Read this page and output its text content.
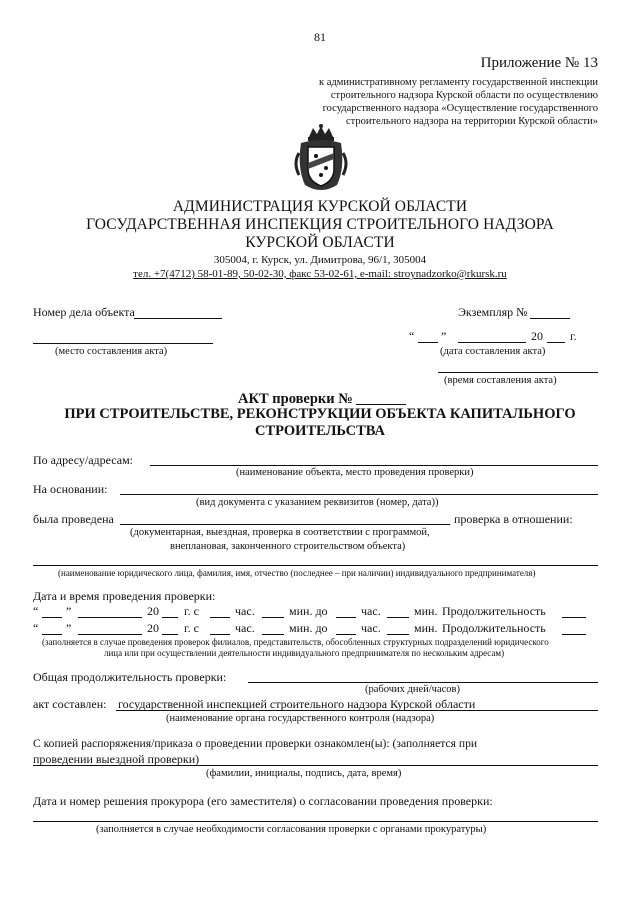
81
Приложение № 13
к административному регламенту государственной инспекции
строительного надзора Курской области по осуществлению
государственного надзора «Осуществление государственного
строительного надзора на территории Курской области»
АДМИНИСТРАЦИЯ КУРСКОЙ ОБЛАСТИ
ГОСУДАРСТВЕННАЯ ИНСПЕКЦИЯ СТРОИТЕЛЬНОГО НАДЗОРА
КУРСКОЙ ОБЛАСТИ
305004, г. Курск, ул. Димитрова, 96/1, 305004
тел. +7(4712) 58-01-89, 50-02-30, факс 53-02-61, e-mail: stroynadzorko@rkursk.ru
Номер дела объекта	Экземпляр №
“ ”	20 г.
(место составления акта)	(дата составления акта)
(время составления акта)
АКТ проверки №
ПРИ СТРОИТЕЛЬСТВЕ, РЕКОНСТРУКЦИИ ОБЪЕКТА КАПИТАЛЬНОГО
СТРОИТЕЛЬСТВА
По адресу/адресам:
(наименование объекта, место проведения проверки)
На основании:
(вид документа с указанием реквизитов (номер, дата))
была проведена	проверка в отношении:
(документарная, выездная, проверка в соответствии с программой,
внеплановая, законченного строительством объекта)
(наименование юридического лица, фамилия, имя, отчество (последнее – при наличии) индивидуального предпринимателя)
Дата и время проведения проверки:
“ ”	20 г. с	час.	мин. до	час.	мин. Продолжительность
“ ”	20 г. с	час.	мин. до	час.	мин. Продолжительность
(заполняется в случае проведения проверок филиалов, представительств, обособленных структурных подразделений юридического
лица или при осуществлении деятельности индивидуального предпринимателя по нескольким адресам)
Общая продолжительность проверки:
(рабочих дней/часов)
акт составлен: государственной инспекцией строительного надзора Курской области
(наименование органа государственного контроля (надзора)
С копией распоряжения/приказа о проведении проверки ознакомлен(ы): (заполняется при
проведении выездной проверки)
(фамилии, инициалы, подпись, дата, время)
Дата и номер решения прокурора (его заместителя) о согласовании проведения проверки:
(заполняется в случае необходимости согласования проверки с органами прокуратуры)
